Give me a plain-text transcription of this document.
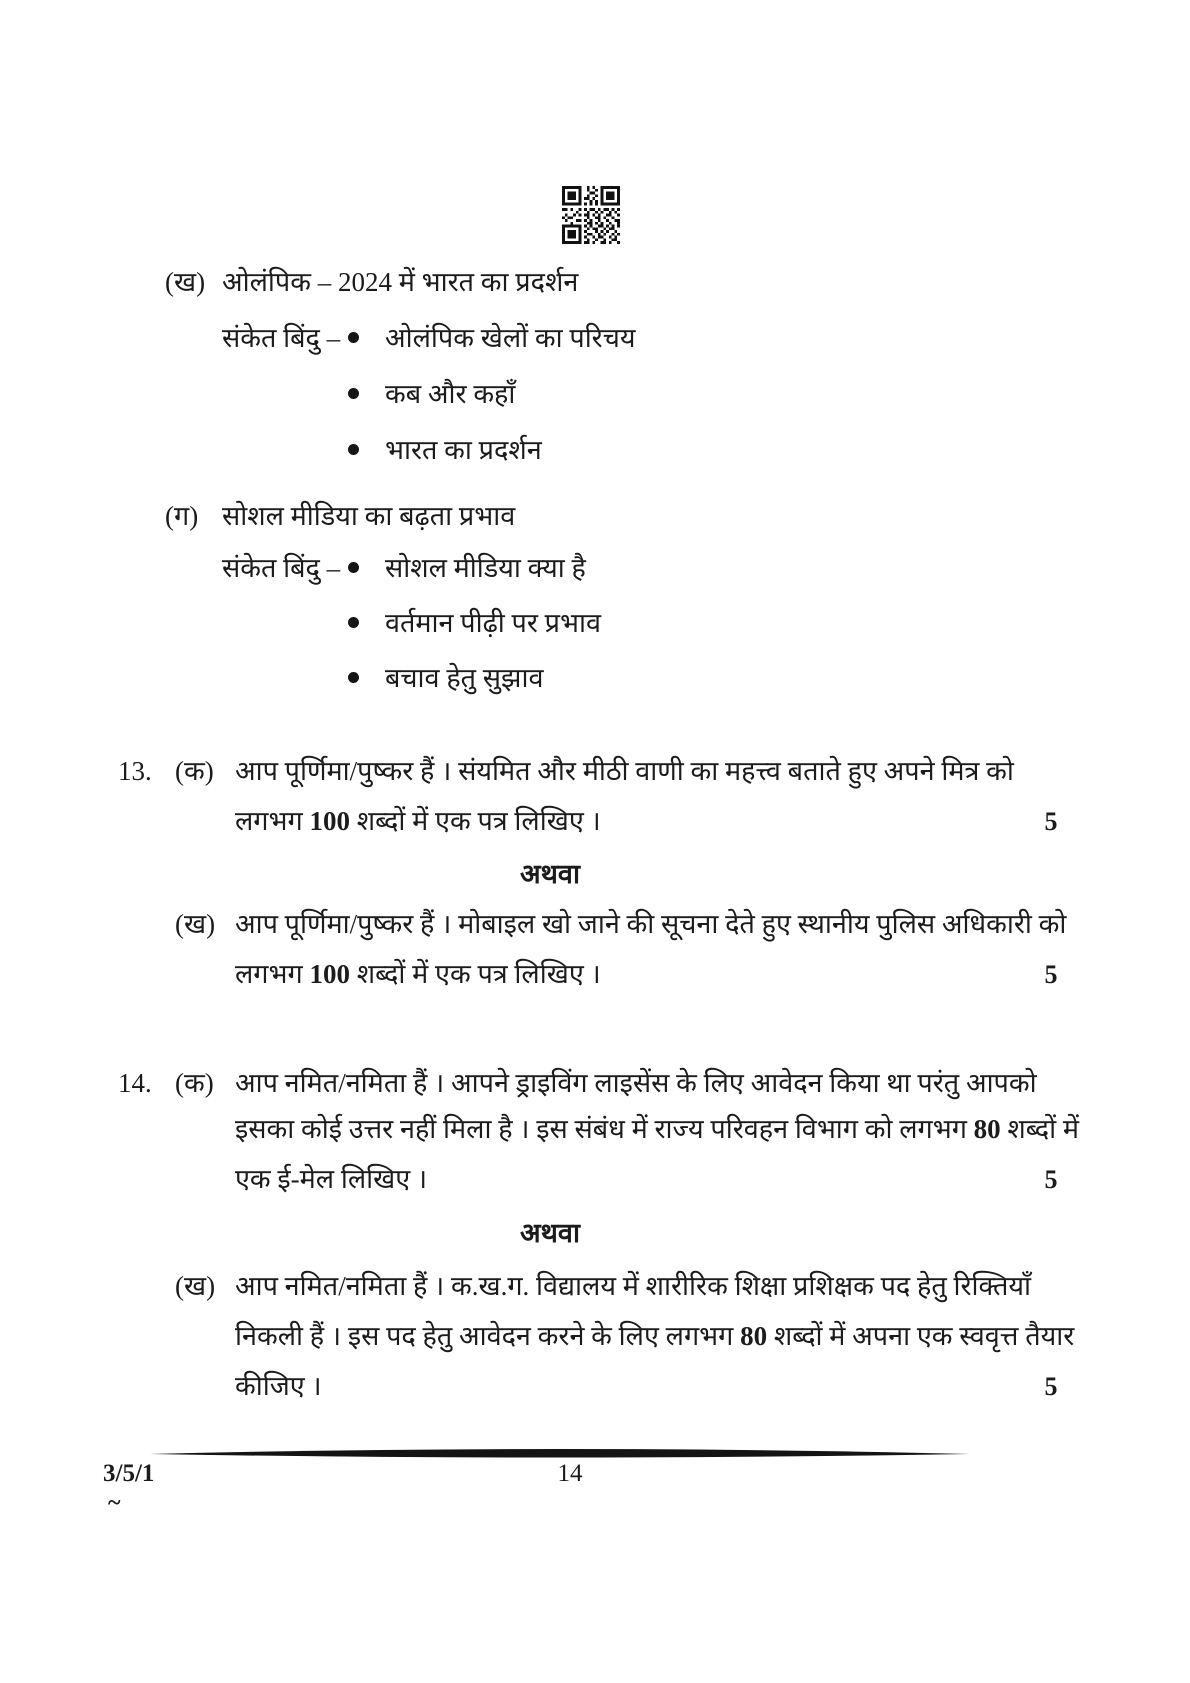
(ख) ओलंपिक – 2024 में भारत का प्रदर्शन
संकेत बिंदु – ओलंपिक खेलों का परिचय
कब और कहाँ
भारत का प्रदर्शन
(ग) सोशल मीडिया का बढ़ता प्रभाव
संकेत बिंदु – सोशल मीडिया क्या है
वर्तमान पीढ़ी पर प्रभाव
बचाव हेतु सुझाव
13. (क) आप पूर्णिमा/पुष्कर हैं । संयमित और मीठी वाणी का महत्त्व बताते हुए अपने मित्र को
लगभग 100 शब्दों में एक पत्र लिखिए ।	5
अथवा
(ख) आप पूर्णिमा/पुष्कर हैं । मोबाइल खो जाने की सूचना देते हुए स्थानीय पुलिस अधिकारी को
लगभग 100 शब्दों में एक पत्र लिखिए ।	5
14. (क) आप नमित/नमिता हैं । आपने ड्राइविंग लाइसेंस के लिए आवेदन किया था परंतु आपको
इसका कोई उत्तर नहीं मिला है । इस संबंध में राज्य परिवहन विभाग को लगभग 80 शब्दों में
एक ई-मेल लिखिए ।	5
अथवा
(ख) आप नमित/नमिता हैं । क.ख.ग. विद्यालय में शारीरिक शिक्षा प्रशिक्षक पद हेतु रिक्तियाँ
निकली हैं । इस पद हेतु आवेदन करने के लिए लगभग 80 शब्दों में अपना एक स्ववृत्त तैयार
कीजिए ।	5
3/5/1	14
~
